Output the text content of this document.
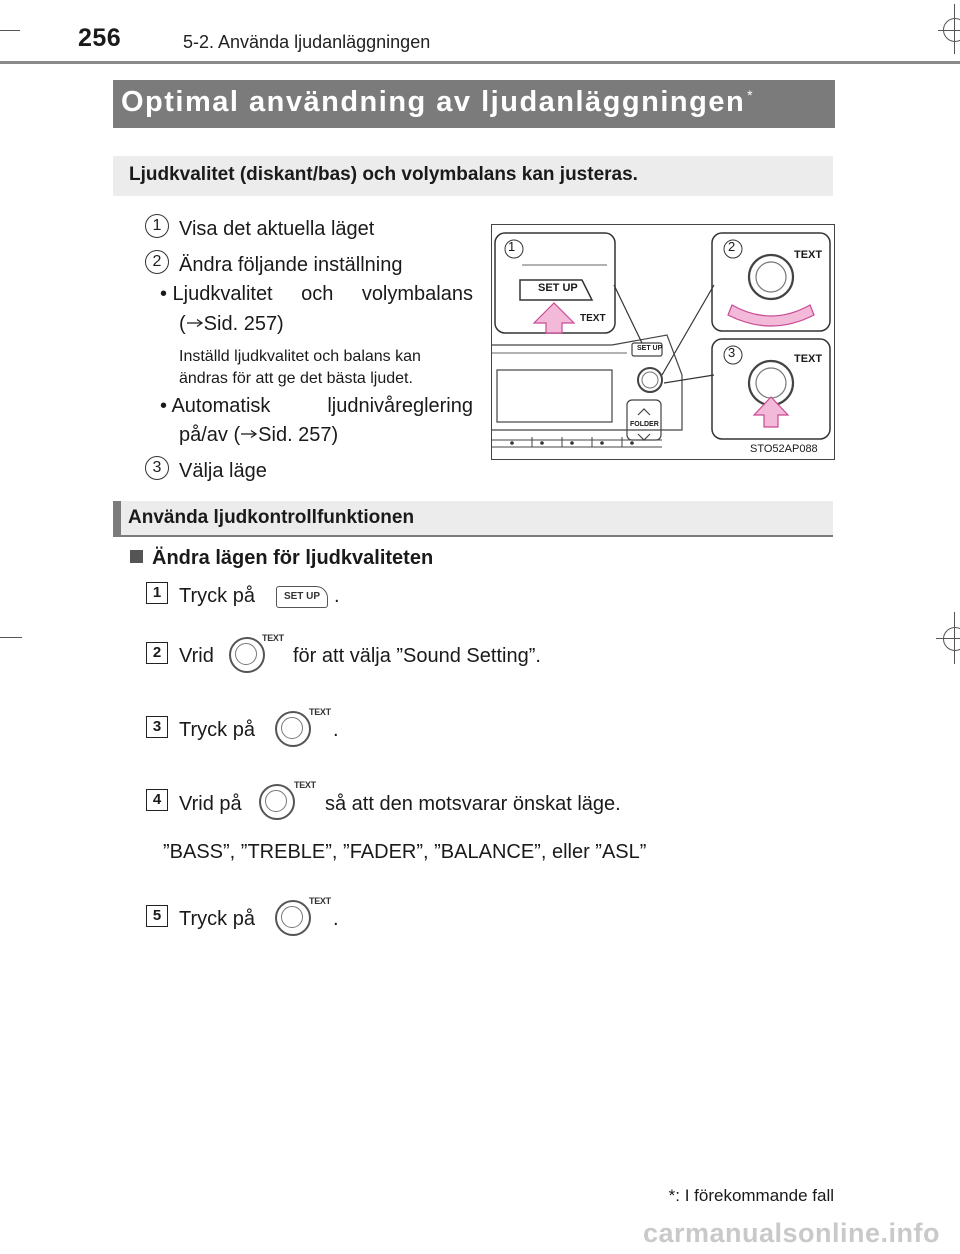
256	5-2. Använda ljudanläggningen
Optimal användning av ljudanläggningen *
Ljudkvalitet (diskant/bas) och volymbalans kan justeras.
1 Visa det aktuella läget
2 Ändra följande inställning
• Ljudkvalitet och volymbalans
( Sid. 257)
Inställd ljudkvalitet och balans kan
ändras för att ge det bästa ljudet.
• Automatisk	ljudnivåreglering
på/av ( Sid. 257)
3 Välja läge
1	2
3
SET UP
TEXT
TEXT
TEXT
SET UP
FOLDER
STO52AP088
Använda ljudkontrollfunktionen
Ändra lägen för ljudkvaliteten
1 Tryck på	SET UP .
2 Vrid
TEXT
för att välja ”Sound Setting”.
3 Tryck på
TEXT
.
4 Vrid på
TEXT
så att den motsvarar önskat läge.
”BASS”, ”TREBLE”, ”FADER”, ”BALANCE”, eller ”ASL”
5 Tryck på
TEXT
.
*: I förekommande fall
carmanualsonline.info
